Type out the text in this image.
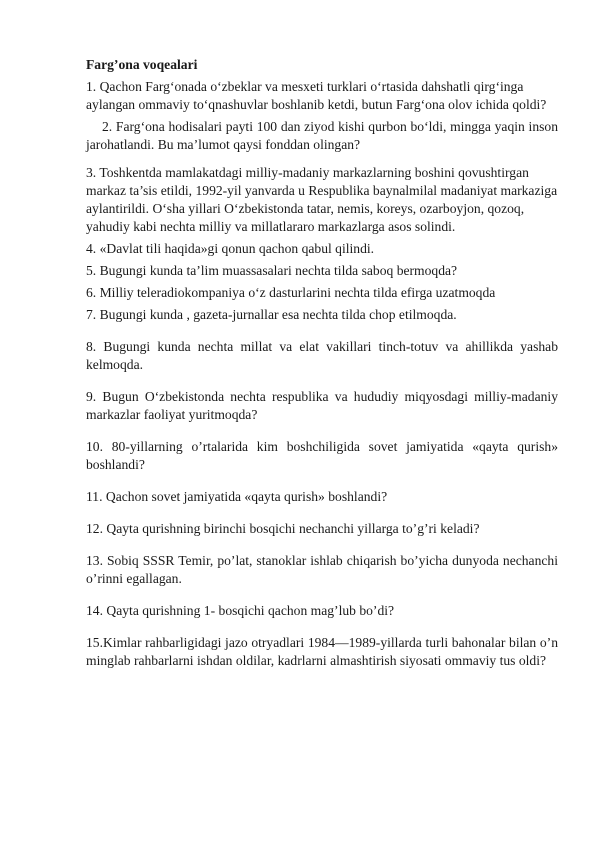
Farg’ona voqealari

1. Qachon Farg‘onada o‘zbeklar va mesxeti turklari o‘rtasida dahshatli qirg‘inga aylangan ommaviy to‘qnashuvlar boshlanib ketdi, butun Farg‘ona olov ichida qoldi?

2. Farg‘ona hodisalari payti 100 dan ziyod kishi qurbon bo‘ldi, mingga yaqin inson jarohatlandi. Bu ma’lumot qaysi fonddan olingan?

3. Toshkentda mamlakatdagi milliy-madaniy markazlarning boshini qovushtirgan markaz ta’sis etildi, 1992-yil yanvarda u Respublika baynalmilal madaniyat markaziga aylantirildi. O‘sha yillari O‘zbekistonda tatar, nemis, koreys, ozarboyjon, qozoq, yahudiy kabi nechta milliy va millatlararo markazlarga asos solindi.

4. «Davlat tili haqida»gi qonun qachon qabul qilindi.

5. Bugungi kunda ta’lim muassasalari nechta tilda saboq bermoqda?

6. Milliy teleradiokompaniya o‘z dasturlarini nechta tilda efirga uzatmoqda

7. Bugungi kunda , gazeta-jurnallar esa nechta tilda chop etilmoqda.

8. Bugungi kunda nechta millat va elat vakillari tinch-totuv va ahillikda yashab kelmoqda.

9. Bugun O‘zbekistonda nechta respublika va hududiy miqyosdagi milliy-madaniy markazlar faoliyat yuritmoqda?

10. 80-yillarning o’rtalarida kim boshchiligida sovet jamiyatida «qayta qurish» boshlandi?

11. Qachon sovet jamiyatida «qayta qurish» boshlandi?

12. Qayta qurishning birinchi bosqichi nechanchi yillarga to’g’ri keladi?

13. Sobiq SSSR Temir, po’lat, stanoklar ishlab chiqarish bo’yicha dunyoda nechanchi o’rinni egallagan.

14. Qayta qurishning 1- bosqichi qachon mag’lub bo’di?

15.Kimlar rahbarligidagi jazo otryadlari 1984—1989-yillarda turli bahonalar bilan o’n minglab rahbarlarni ishdan oldilar, kadrlarni almashtirish siyosati ommaviy tus oldi?
